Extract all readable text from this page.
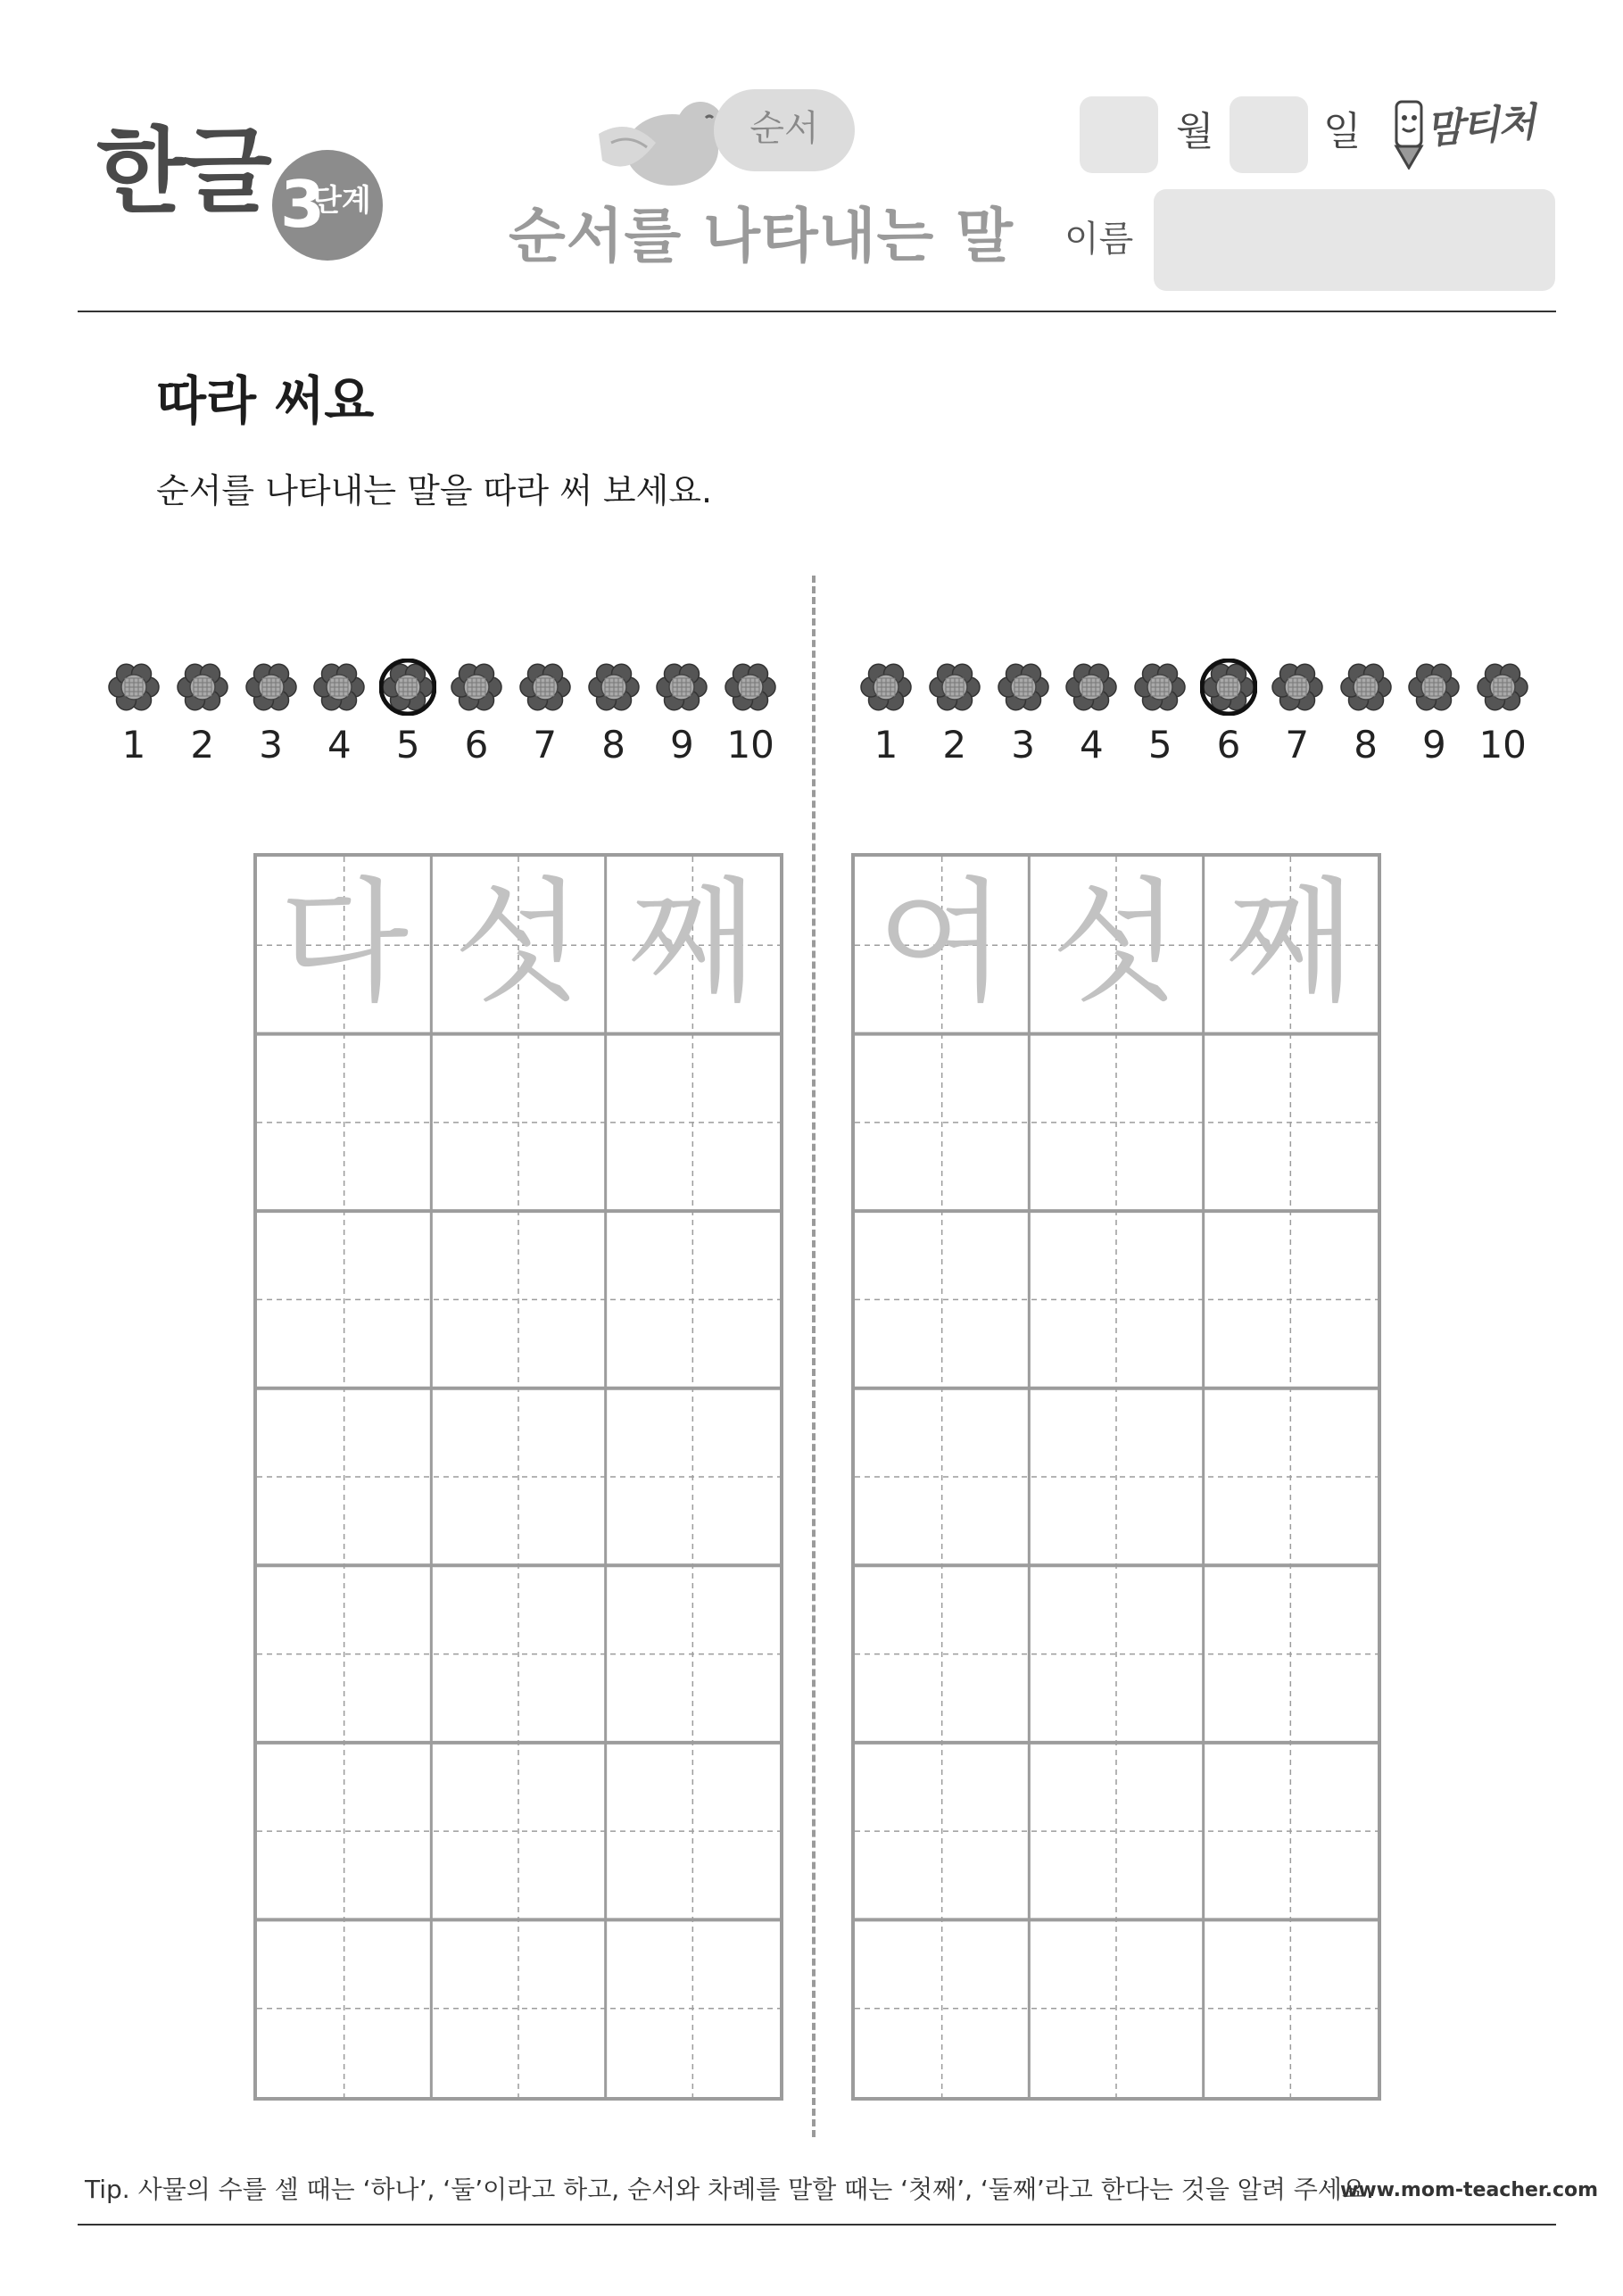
한글 3
단계
순서
순서를 나타내는 말
월	일
이름
맘티처
따라 써요
순서를 나타내는 말을 따라 써 보세요.
1	2	3	4	5	6	7	8	9 10	1	2	3	4	5	6	7	8	9 10
다 섯 째 여 섯 째
Tip. 사물의 수를 셀 때는 ‘하나’, ‘둘’이라고 하고, 순서와 차례를 말할 때는 ‘첫째’, ‘둘째’라고 한다는 것을 알려 주세요.
www.mom-teacher.com
